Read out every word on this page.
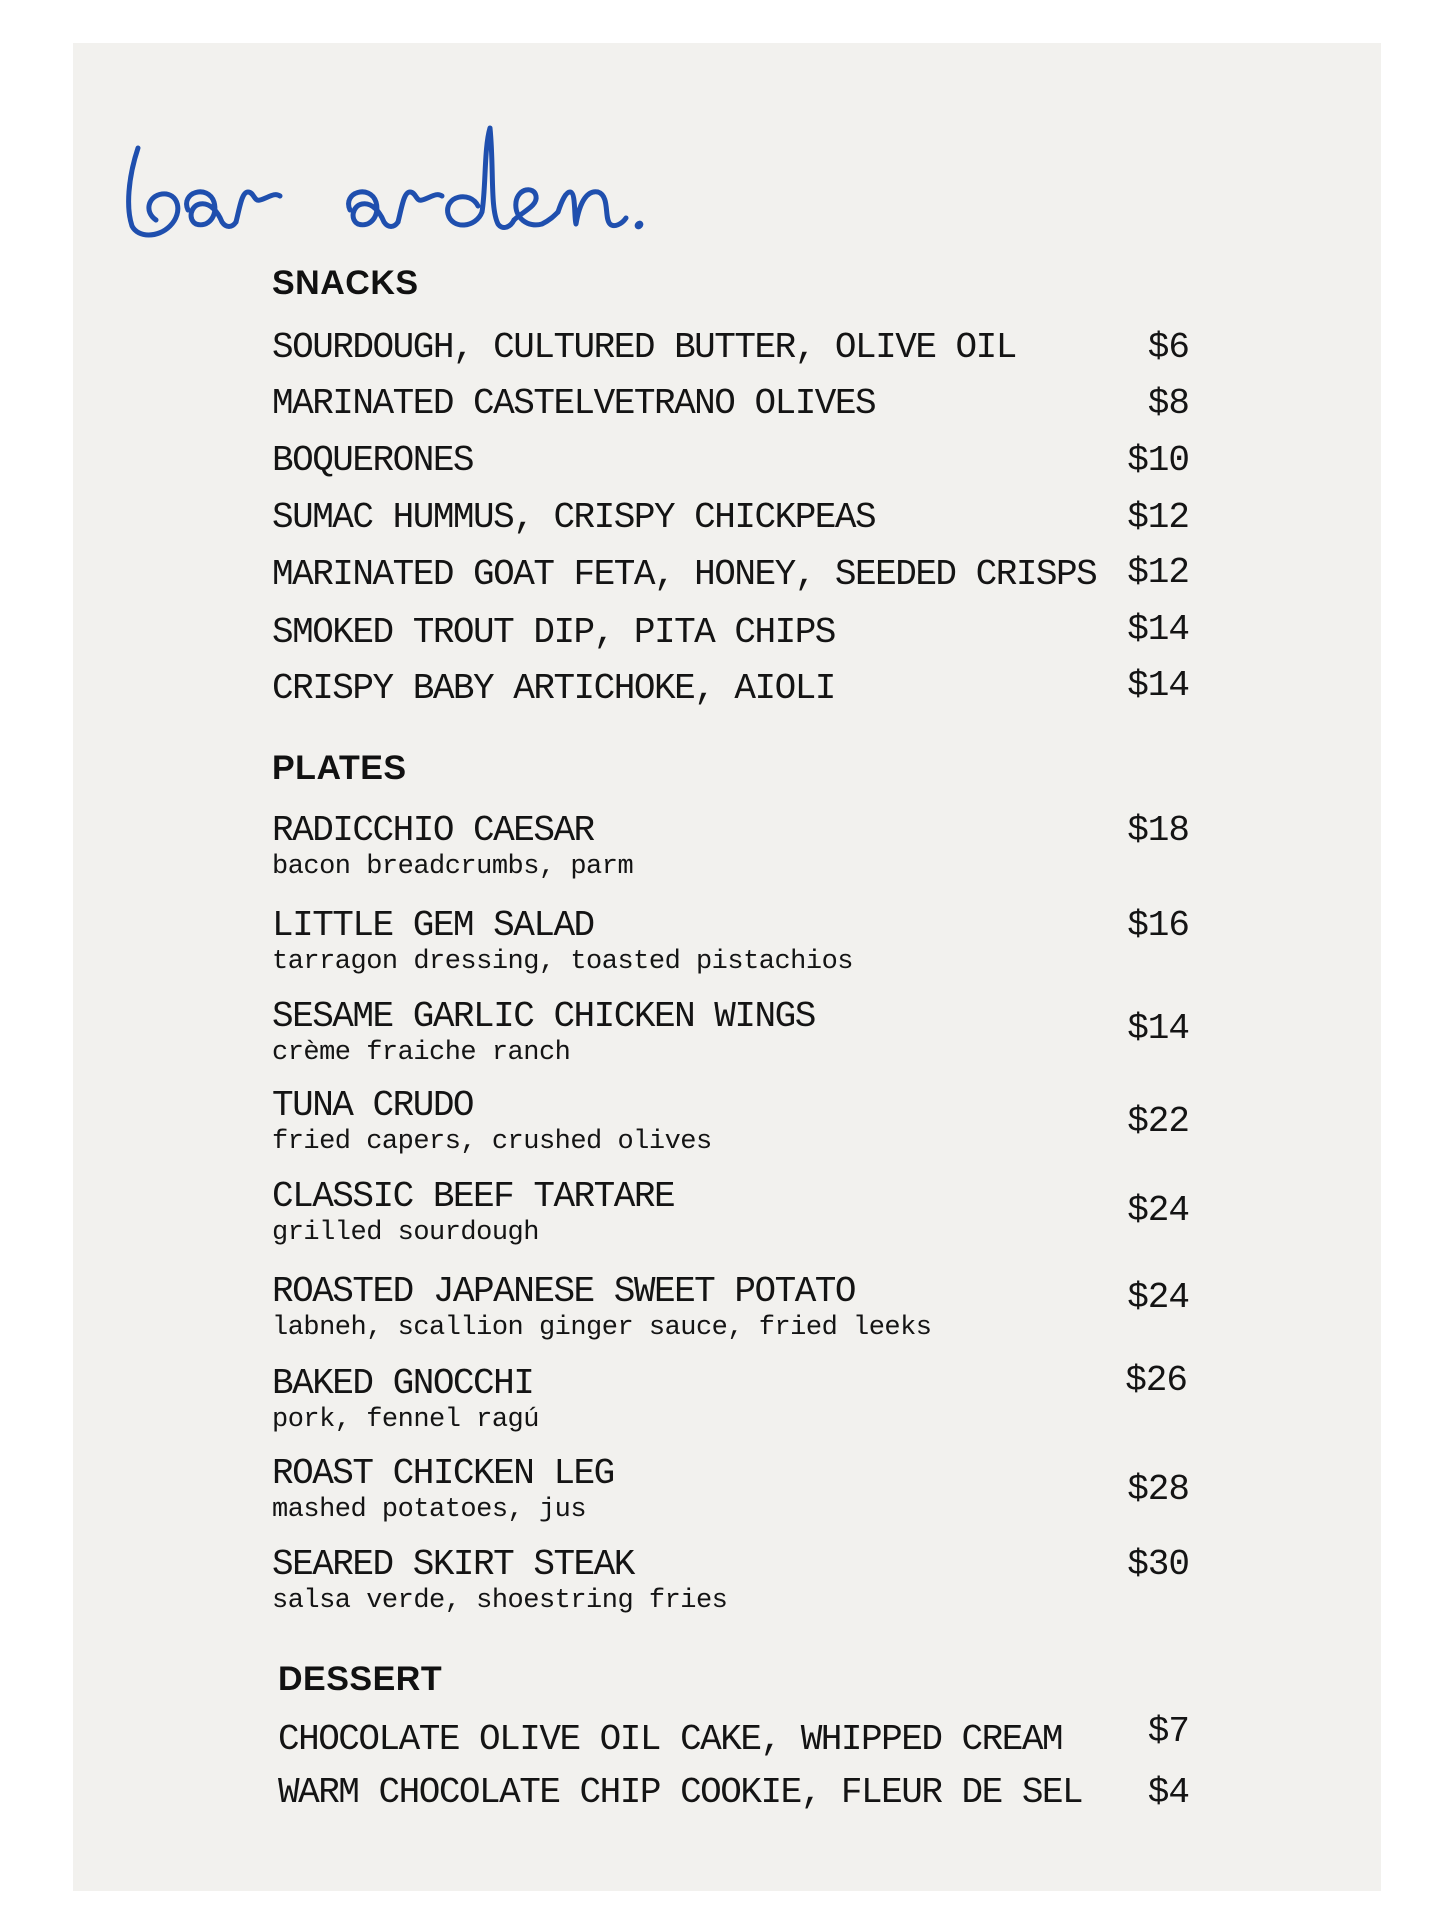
SNACKS
SOURDOUGH, CULTURED BUTTER, OLIVE OIL	$6
MARINATED CASTELVETRANO OLIVES	$8
BOQUERONES	$10
SUMAC HUMMUS, CRISPY CHICKPEAS	$12
MARINATED GOAT FETA, HONEY, SEEDED CRISPS $12
SMOKED TROUT DIP, PITA CHIPS	$14
CRISPY BABY ARTICHOKE, AIOLI	$14
PLATES
RADICCHIO CAESAR
bacon breadcrumbs, parm
$18
LITTLE GEM SALAD
tarragon dressing, toasted pistachios
$16
SESAME GARLIC CHICKEN WINGS
crème fraiche ranch
$14
TUNA CRUDO
fried capers, crushed olives	$22
CLASSIC BEEF TARTARE
grilled sourdough
$24
ROASTED JAPANESE SWEET POTATO
labneh, scallion ginger sauce, fried leeks
$24
BAKED GNOCCHI
pork, fennel ragú
$26
ROAST CHICKEN LEG
mashed potatoes, jus	$28
SEARED SKIRT STEAK
salsa verde, shoestring fries
$30
DESSERT
CHOCOLATE OLIVE OIL CAKE, WHIPPED CREAM	$7
WARM CHOCOLATE CHIP COOKIE, FLEUR DE SEL	$4
